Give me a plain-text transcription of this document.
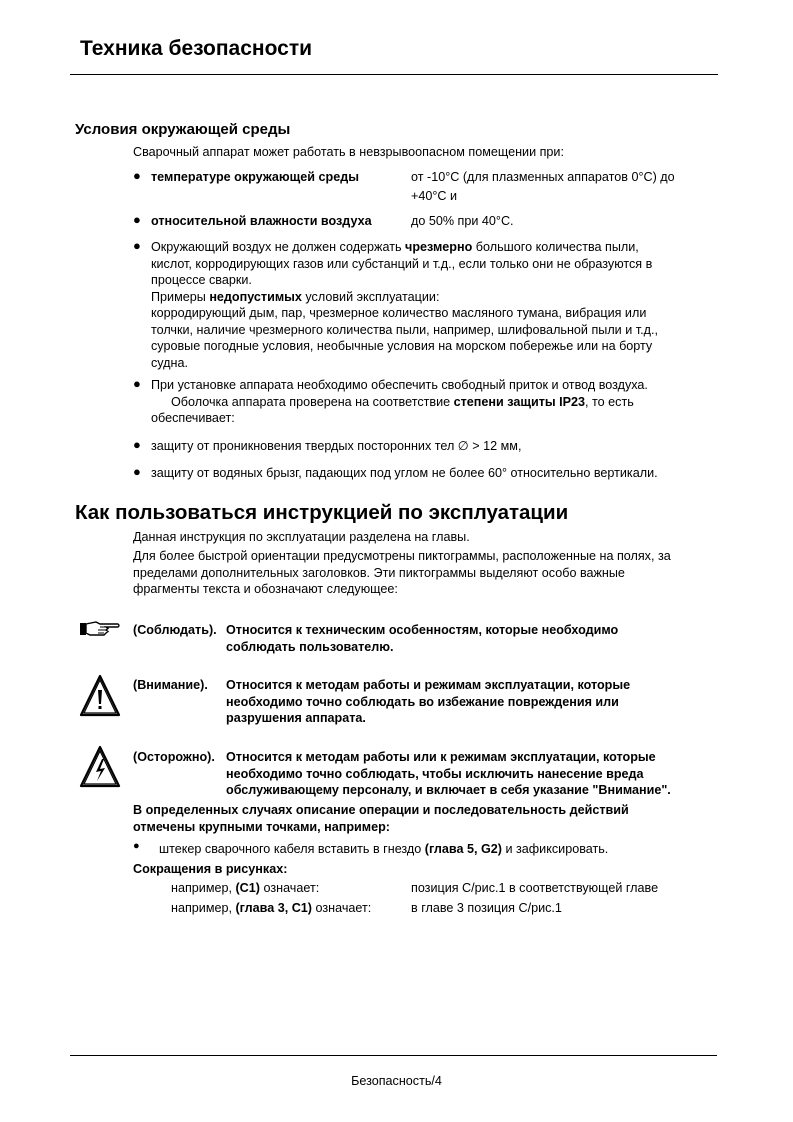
Техника безопасности
Условия окружающей среды
Сварочный аппарат может работать в невзрывоопасном помещении при:
● температуре окружающей среды	от -10°C (для плазменных аппаратов 0°C) до
+40°C и
● относительной влажности воздуха	до 50% при 40°C.
● Окружающий воздух не должен содержать чрезмерно большого количества пыли,
кислот, корродирующих газов или субстанций и т.д., если только они не образуются в
процессе сварки.
Примеры недопустимых условий эксплуатации:
корродирующий дым, пар, чрезмерное количество масляного тумана, вибрация или
толчки, наличие чрезмерного количества пыли, например, шлифовальной пыли и т.д.,
суровые погодные условия, необычные условия на морском побережье или на борту
судна.
● При установке аппарата необходимо обеспечить свободный приток и отвод воздуха.
Оболочка аппарата проверена на соответствие степени защиты IP23, то есть
обеспечивает:
● защиту от проникновения твердых посторонних тел ∅ > 12 мм,
● защиту от водяных брызг, падающих под углом не более 60° относительно вертикали.
Как пользоваться инструкцией по эксплуатации
Данная инструкция по эксплуатации разделена на главы.
Для более быстрой ориентации предусмотрены пиктограммы, расположенные на полях, за
пределами дополнительных заголовков. Эти пиктограммы выделяют особо важные
фрагменты текста и обозначают следующее:
(Соблюдать). Относится к техническим особенностям, которые необходимо
соблюдать пользователю.
(Внимание). Относится к методам работы и режимам эксплуатации, которые
необходимо точно соблюдать во избежание повреждения или
разрушения аппарата.
(Осторожно). Относится к методам работы или к режимам эксплуатации, которые
необходимо точно соблюдать, чтобы исключить нанесение вреда
обслуживающему персоналу, и включает в себя указание "Внимание".
В определенных случаях описание операции и последовательность действий
отмечены крупными точками, например:
● штекер сварочного кабеля вставить в гнездо (глава 5, G2) и зафиксировать.
Сокращения в рисунках:
например, (C1) означает:	позиция C/рис.1 в соответствующей главе
например, (глава 3, C1) означает:	в главе 3 позиция C/рис.1
Безопасность/4
